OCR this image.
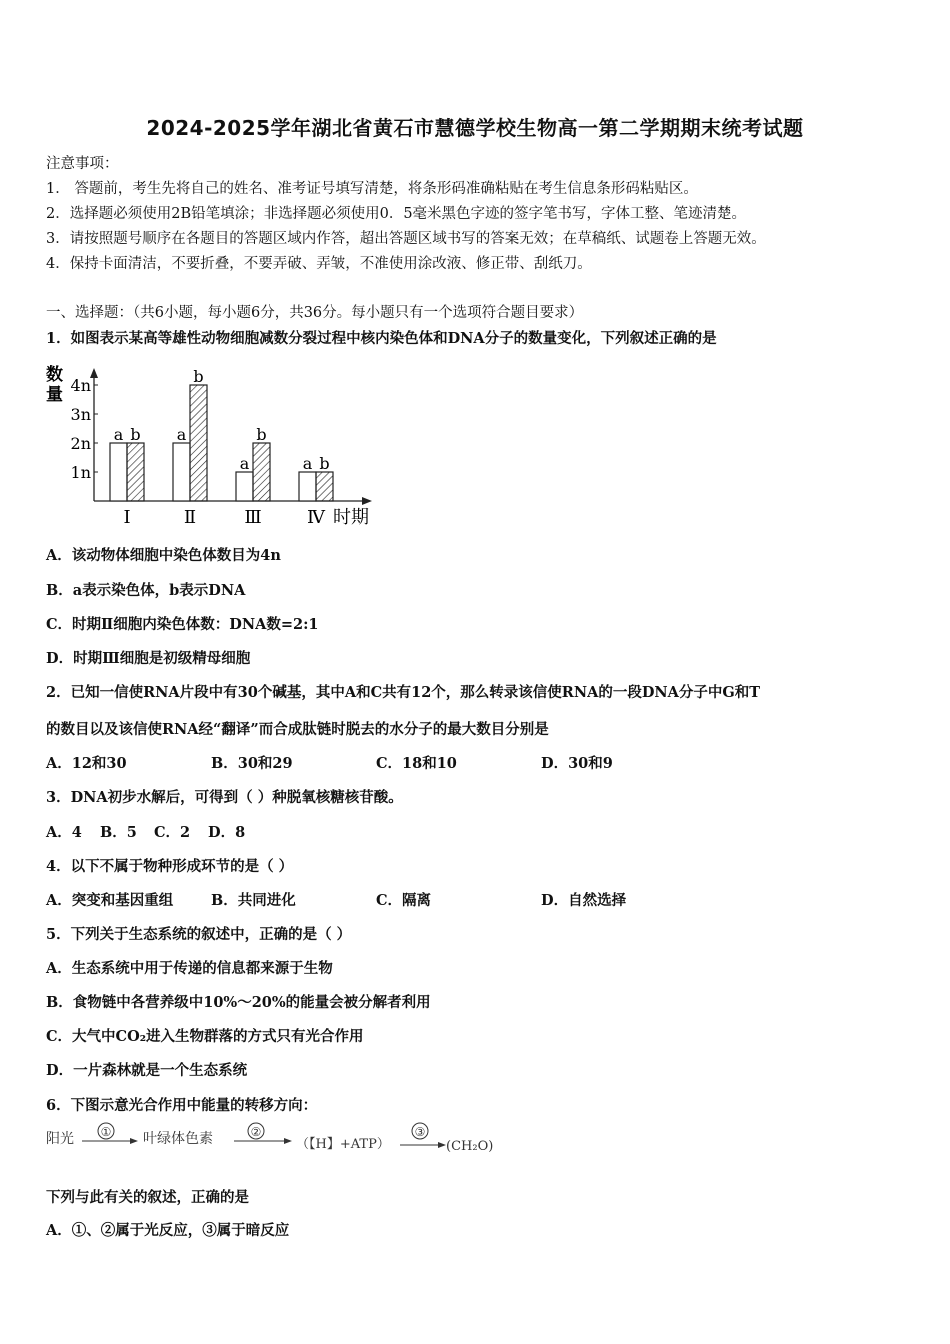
2024-2025学年湖北省黄石市慧德学校生物高一第二学期期末统考试题
注意事项：
1． 答题前，考生先将自己的姓名、准考证号填写清楚，将条形码准确粘贴在考生信息条形码粘贴区。
2．选择题必须使用2B铅笔填涂；非选择题必须使用0．5毫米黑色字迹的签字笔书写，字体工整、笔迹清楚。
3．请按照题号顺序在各题目的答题区域内作答，超出答题区域书写的答案无效；在草稿纸、试题卷上答题无效。
4．保持卡面清洁，不要折叠，不要弄破、弄皱，不准使用涂改液、修正带、刮纸刀。
一、选择题：（共6小题，每小题6分，共36分。每小题只有一个选项符合题目要求）
1．如图表示某高等雄性动物细胞减数分裂过程中核内染色体和DNA分子的数量变化，下列叙述正确的是
数
量
1n
2n
3n
4n
a b
Ⅰ
a
b
Ⅱ
a
b
Ⅲ
a b
Ⅳ 时期
A．该动物体细胞中染色体数目为4n
B．a表示染色体，b表示DNA
C．时期Ⅱ细胞内染色体数：DNA数=2:1
D．时期Ⅲ细胞是初级精母细胞
2．已知一信使RNA片段中有30个碱基，其中A和C共有12个，那么转录该信使RNA的一段DNA分子中G和T
的数目以及该信使RNA经“翻译”而合成肽链时脱去的水分子的最大数目分别是
A．12和30	B．30和29	C．18和10	D．30和9
3．DNA初步水解后，可得到（ ）种脱氧核糖核苷酸。
A．4 B．5 C．2 D．8
4．以下不属于物种形成环节的是（ ）
A．突变和基因重组	B．共同进化	C．隔离	D．自然选择
5．下列关于生态系统的叙述中，正确的是（ ）
A．生态系统中用于传递的信息都来源于生物
B．食物链中各营养级中10%～20%的能量会被分解者利用
C．大气中CO₂进入生物群落的方式只有光合作用
D．一片森林就是一个生态系统
6．下图示意光合作用中能量的转移方向：
阳光 ① 叶绿体色素	②
（【H】+ATP）
③
(CH₂O)
下列与此有关的叙述，正确的是
A．①、②属于光反应，③属于暗反应
